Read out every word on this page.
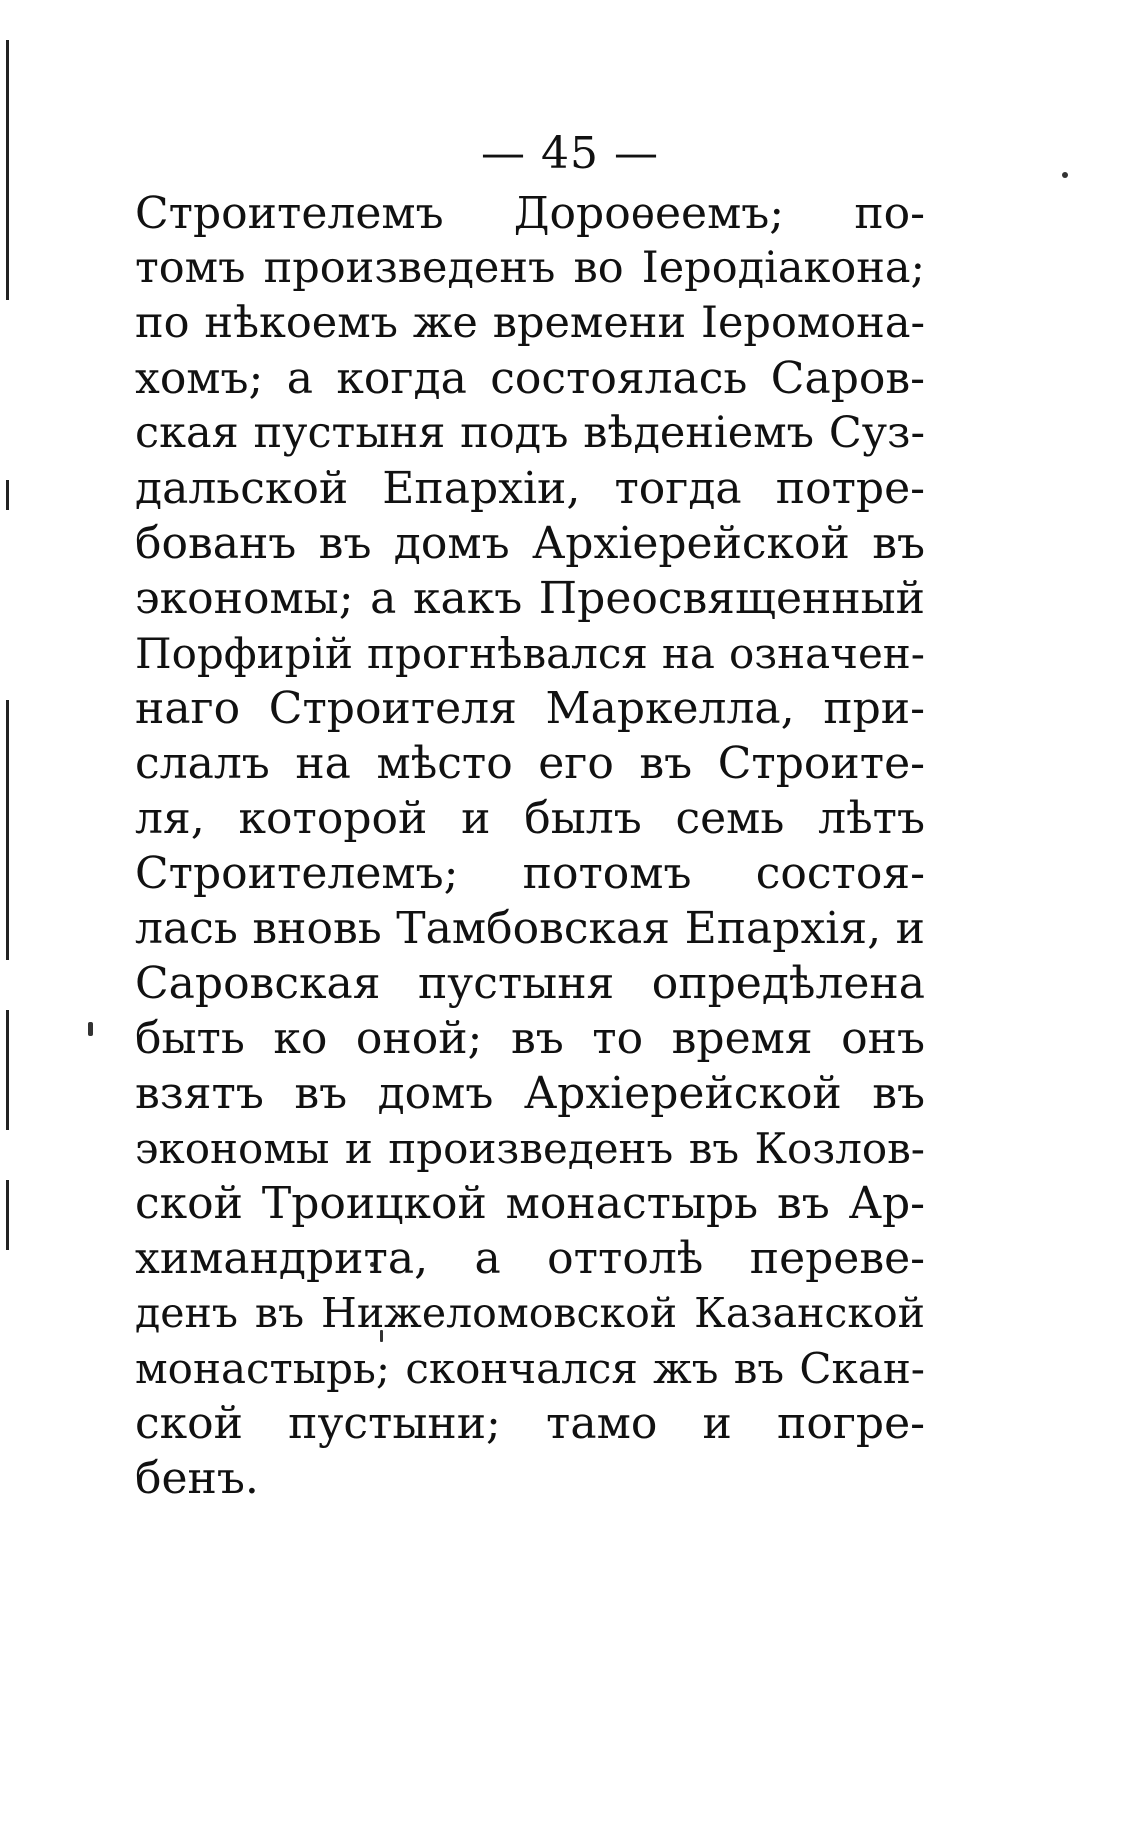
— 45 —
Строителемъ Дороѳеемъ; по-
томъ произведенъ во Іеродіакона;
по нѣкоемъ же времени Іеромона-
хомъ; а когда состоялась Саров-
ская пустыня подъ вѣденіемъ Суз-
дальской Епархіи, тогда потре-
бованъ въ домъ Архіерейской въ
экономы; а какъ Преосвященный
Порфирій прогнѣвался на означен-
наго Строителя Маркелла, при-
слалъ на мѣсто его въ Строите-
ля, которой и былъ семь лѣтъ
Строителемъ; потомъ состоя-
лась вновь Тамбовская Епархія, и
Саровская пустыня опредѣлена
быть ко оной; въ то время онъ
взятъ въ домъ Архіерейской въ
экономы и произведенъ въ Козлов-
ской Троицкой монастырь въ Ар-
химандрита, а оттолѣ переве-
денъ въ Нижеломовской Казанской
монастырь; скончался жъ въ Скан-
ской пустыни; тамо и погре-
бенъ.
